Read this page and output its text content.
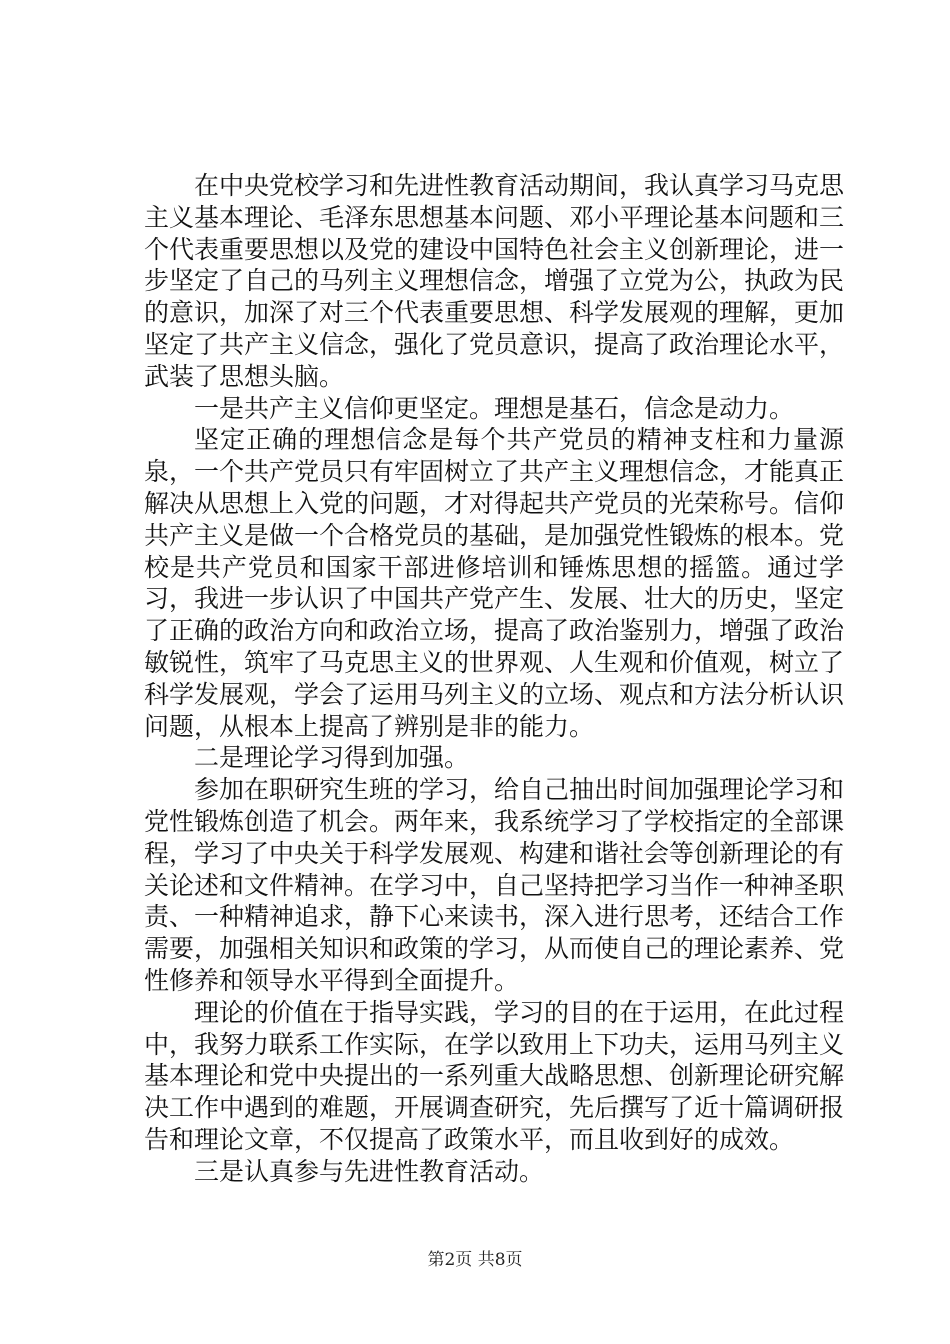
在中央党校学习和先进性教育活动期间，我认真学习马克思主义基本理论、毛泽东思想基本问题、邓小平理论基本问题和三个代表重要思想以及党的建设中国特色社会主义创新理论，进一步坚定了自己的马列主义理想信念，增强了立党为公，执政为民的意识，加深了对三个代表重要思想、科学发展观的理解，更加坚定了共产主义信念，强化了党员意识，提高了政治理论水平，武装了思想头脑。

一是共产主义信仰更坚定。理想是基石，信念是动力。

坚定正确的理想信念是每个共产党员的精神支柱和力量源泉，一个共产党员只有牢固树立了共产主义理想信念，才能真正解决从思想上入党的问题，才对得起共产党员的光荣称号。信仰共产主义是做一个合格党员的基础，是加强党性锻炼的根本。党校是共产党员和国家干部进修培训和锤炼思想的摇篮。通过学习，我进一步认识了中国共产党产生、发展、壮大的历史，坚定了正确的政治方向和政治立场，提高了政治鉴别力，增强了政治敏锐性，筑牢了马克思主义的世界观、人生观和价值观，树立了科学发展观，学会了运用马列主义的立场、观点和方法分析认识问题，从根本上提高了辨别是非的能力。

二是理论学习得到加强。

参加在职研究生班的学习，给自己抽出时间加强理论学习和党性锻炼创造了机会。两年来，我系统学习了学校指定的全部课程，学习了中央关于科学发展观、构建和谐社会等创新理论的有关论述和文件精神。在学习中，自己坚持把学习当作一种神圣职责、一种精神追求，静下心来读书，深入进行思考，还结合工作需要，加强相关知识和政策的学习，从而使自己的理论素养、党性修养和领导水平得到全面提升。

理论的价值在于指导实践，学习的目的在于运用，在此过程中，我努力联系工作实际，在学以致用上下功夫，运用马列主义基本理论和党中央提出的一系列重大战略思想、创新理论研究解决工作中遇到的难题，开展调查研究，先后撰写了近十篇调研报告和理论文章，不仅提高了政策水平，而且收到好的成效。

三是认真参与先进性教育活动。

第2页 共8页
